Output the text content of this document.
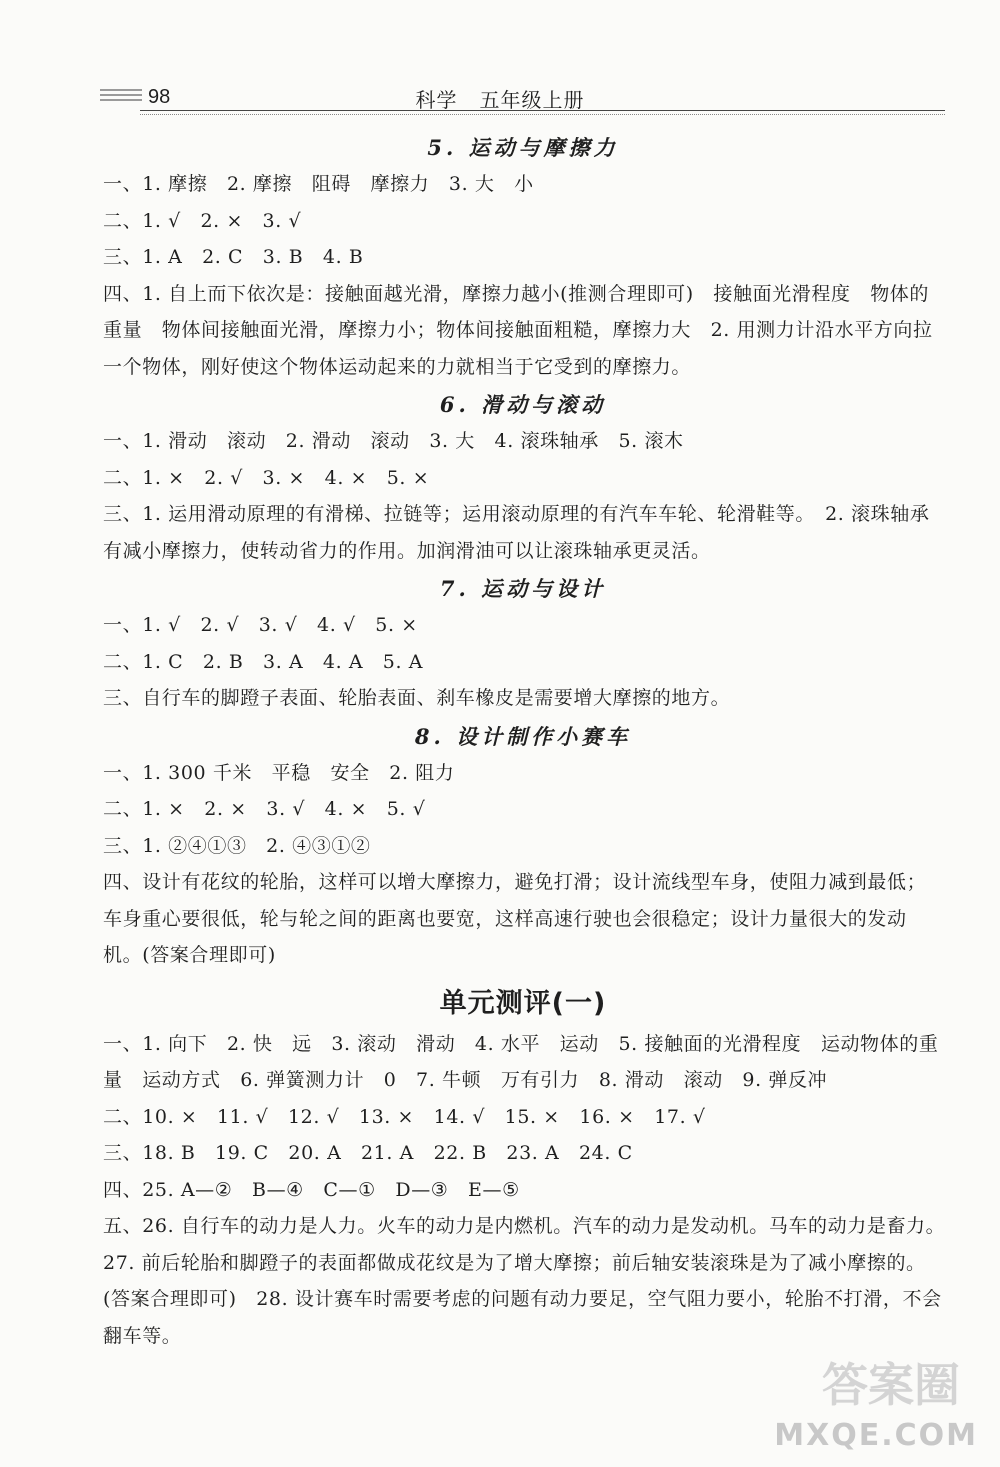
98	科学 五年级上册
5. 运动与摩擦力
一、1. 摩擦　2. 摩擦　阻碍　摩擦力　3. 大　小
二、1. √　2. ×　3. √
三、1. A　2. C　3. B　4. B
四、1. 自上而下依次是：接触面越光滑，摩擦力越小(推测合理即可)　接触面光滑程度　物体的重量　物体间接触面光滑，摩擦力小；物体间接触面粗糙，摩擦力大　2. 用测力计沿水平方向拉一个物体，刚好使这个物体运动起来的力就相当于它受到的摩擦力。
6. 滑动与滚动
一、1. 滑动　滚动　2. 滑动　滚动　3. 大　4. 滚珠轴承　5. 滚木
二、1. ×　2. √　3. ×　4. ×　5. ×
三、1. 运用滑动原理的有滑梯、拉链等；运用滚动原理的有汽车车轮、轮滑鞋等。　2. 滚珠轴承有减小摩擦力，使转动省力的作用。加润滑油可以让滚珠轴承更灵活。
7. 运动与设计
一、1. √　2. √　3. √　4. √　5. ×
二、1. C　2. B　3. A　4. A　5. A
三、自行车的脚蹬子表面、轮胎表面、刹车橡皮是需要增大摩擦的地方。
8. 设计制作小赛车
一、1. 300 千米　平稳　安全　2. 阻力
二、1. ×　2. ×　3. √　4. ×　5. √
三、1. ②④①③　2. ④③①②
四、设计有花纹的轮胎，这样可以增大摩擦力，避免打滑；设计流线型车身，使阻力减到最低；车身重心要很低，轮与轮之间的距离也要宽，这样高速行驶也会很稳定；设计力量很大的发动机。(答案合理即可)
单元测评(一)
一、1. 向下　2. 快　远　3. 滚动　滑动　4. 水平　运动　5. 接触面的光滑程度　运动物体的重量　运动方式　6. 弹簧测力计　0　7. 牛顿　万有引力　8. 滑动　滚动　9. 弹反冲
二、10. ×　11. √　12. √　13. ×　14. √　15. ×　16. ×　17. √
三、18. B　19. C　20. A　21. A　22. B　23. A　24. C
四、25. A—②　B—④　C—①　D—③　E—⑤
五、26. 自行车的动力是人力。火车的动力是内燃机。汽车的动力是发动机。马车的动力是畜力。　27. 前后轮胎和脚蹬子的表面都做成花纹是为了增大摩擦；前后轴安装滚珠是为了减小摩擦的。(答案合理即可)　28. 设计赛车时需要考虑的问题有动力要足，空气阻力要小，轮胎不打滑，不会翻车等。
答案圈
MXQE.COM
